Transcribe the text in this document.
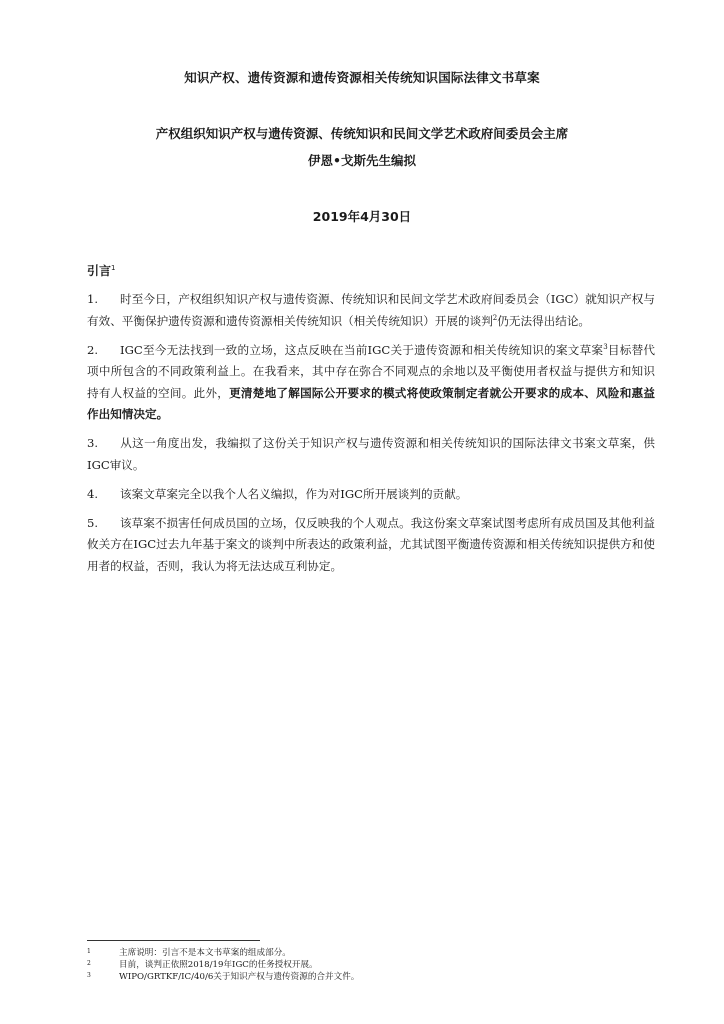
知识产权、遗传资源和遗传资源相关传统知识国际法律文书草案
产权组织知识产权与遗传资源、传统知识和民间文学艺术政府间委员会主席
伊恩•戈斯先生编拟
2019年4月30日
引言$^1$

1. 时至今日，产权组织知识产权与遗传资源、传统知识和民间文学艺术政府间委员会（IGC）就知识产权与有效、平衡保护遗传资源和遗传资源相关传统知识（相关传统知识）开展的谈判$^2$仍无法得出结论。

2. IGC至今无法找到一致的立场，这点反映在当前IGC关于遗传资源和相关传统知识的案文草案$^3$目标替代项中所包含的不同政策利益上。在我看来，其中存在弥合不同观点的余地以及平衡使用者权益与提供方和知识持有人权益的空间。此外，更清楚地了解国际公开要求的模式将使政策制定者就公开要求的成本、风险和惠益作出知情决定。

3. 从这一角度出发，我编拟了这份关于知识产权与遗传资源和相关传统知识的国际法律文书案文草案，供IGC审议。

4. 该案文草案完全以我个人名义编拟，作为对IGC所开展谈判的贡献。

5. 该草案不损害任何成员国的立场，仅反映我的个人观点。我这份案文草案试图考虑所有成员国及其他利益攸关方在IGC过去九年基于案文的谈判中所表达的政策利益，尤其试图平衡遗传资源和相关传统知识提供方和使用者的权益，否则，我认为将无法达成互利协定。

1	主席说明：引言不是本文书草案的组成部分。
2	目前，谈判正依照2018/19年IGC的任务授权开展。
3	WIPO/GRTKF/IC/40/6关于知识产权与遗传资源的合并文件。
